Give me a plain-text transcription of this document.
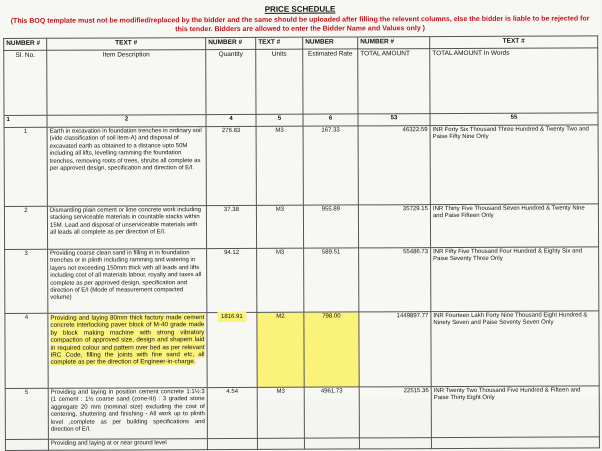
PRICE SCHEDULE
(This BOQ template must not be modified/replaced by the bidder and the same should be uploaded after filling the relevent columns, else the bidder is liable to be rejected for this tender. Bidders are allowed to enter the Bidder Name and Values only )
NUMBER #	TEXT #	NUMBER #	TEXT #	NUMBER	NUMBER #	TEXT #
Sl. No.	Item Description	Quantity	Units	Estimated Rate	TOTAL AMOUNT	TOTAL AMOUNT In Words
1	2	4	5	6	53	55
1	Earth in excavation in foundation trenches in ordinary soil (vide classification of soil item-A) and disposal of excavated earth as obtained to a distance upto 50M including all lifts, levelling ramming the foundation trenches, removing roots of trees, shrubs all complete as per approved design, specification and direction of E/I.	276.83	M3	167.33	46322.59	INR Forty Six Thousand Three Hundred & Twenty Two and Paise Fifty Nine Only
2	Dismantling plain cement or lime concrete work including stacking serviceable materials in countable stacks within 15M. Lead and disposal of unserviceable materials with all leads all complete as per direction of E/I.	37.38	M3	955.89	35729.15	INR Thirty Five Thousand Seven Hundred & Twenty Nine and Paise Fifteen Only
3	Providing coarse clean sand in filling in in foundation trenches or in plinth including ramming and watering in layers not exceeding 150mm thick with all leads and lifts including cost of all materials labour, royalty and taxes all complete as per approved design, specification and direction of E/I (Mode of measurement compacted volume)	94.12	M3	589.51	55486.73	INR Fifty Five Thousand Four Hundred & Eighty Six and Paise Seventy Three Only
4	Providing and laying 80mm thick factory made cement concrete interlocking paver block of M-40 grade made by block making machine with strong vibratory compaction of approved size, design and shapem laid in required colour and pattern over bed as per relevant IRC Code, filling the joints with fine sand etc, all complete as per the direction of Engineer-in-charge.	1816.91	M2	798.00	1449897.77	INR Fourteen Lakh Forty Nine Thousand Eight Hundred & Ninety Seven and Paise Seventy Seven Only
5	Providing and laying in position cement concrete 1:1½:3 (1 cement : 1½ coarse sand (zone-III) : 3 graded stone aggregate 20 mm (nominal size) excluding the cost of centering, shuttering and finishing - All work up to plinth level ,complete as per building specifications and direction of E/I.	4.54	M3	4961.73	22515.36	INR Twenty Two Thousand Five Hundred & Fifteen and Paise Thirty Eight Only
	Providing and laying at or near ground level					
